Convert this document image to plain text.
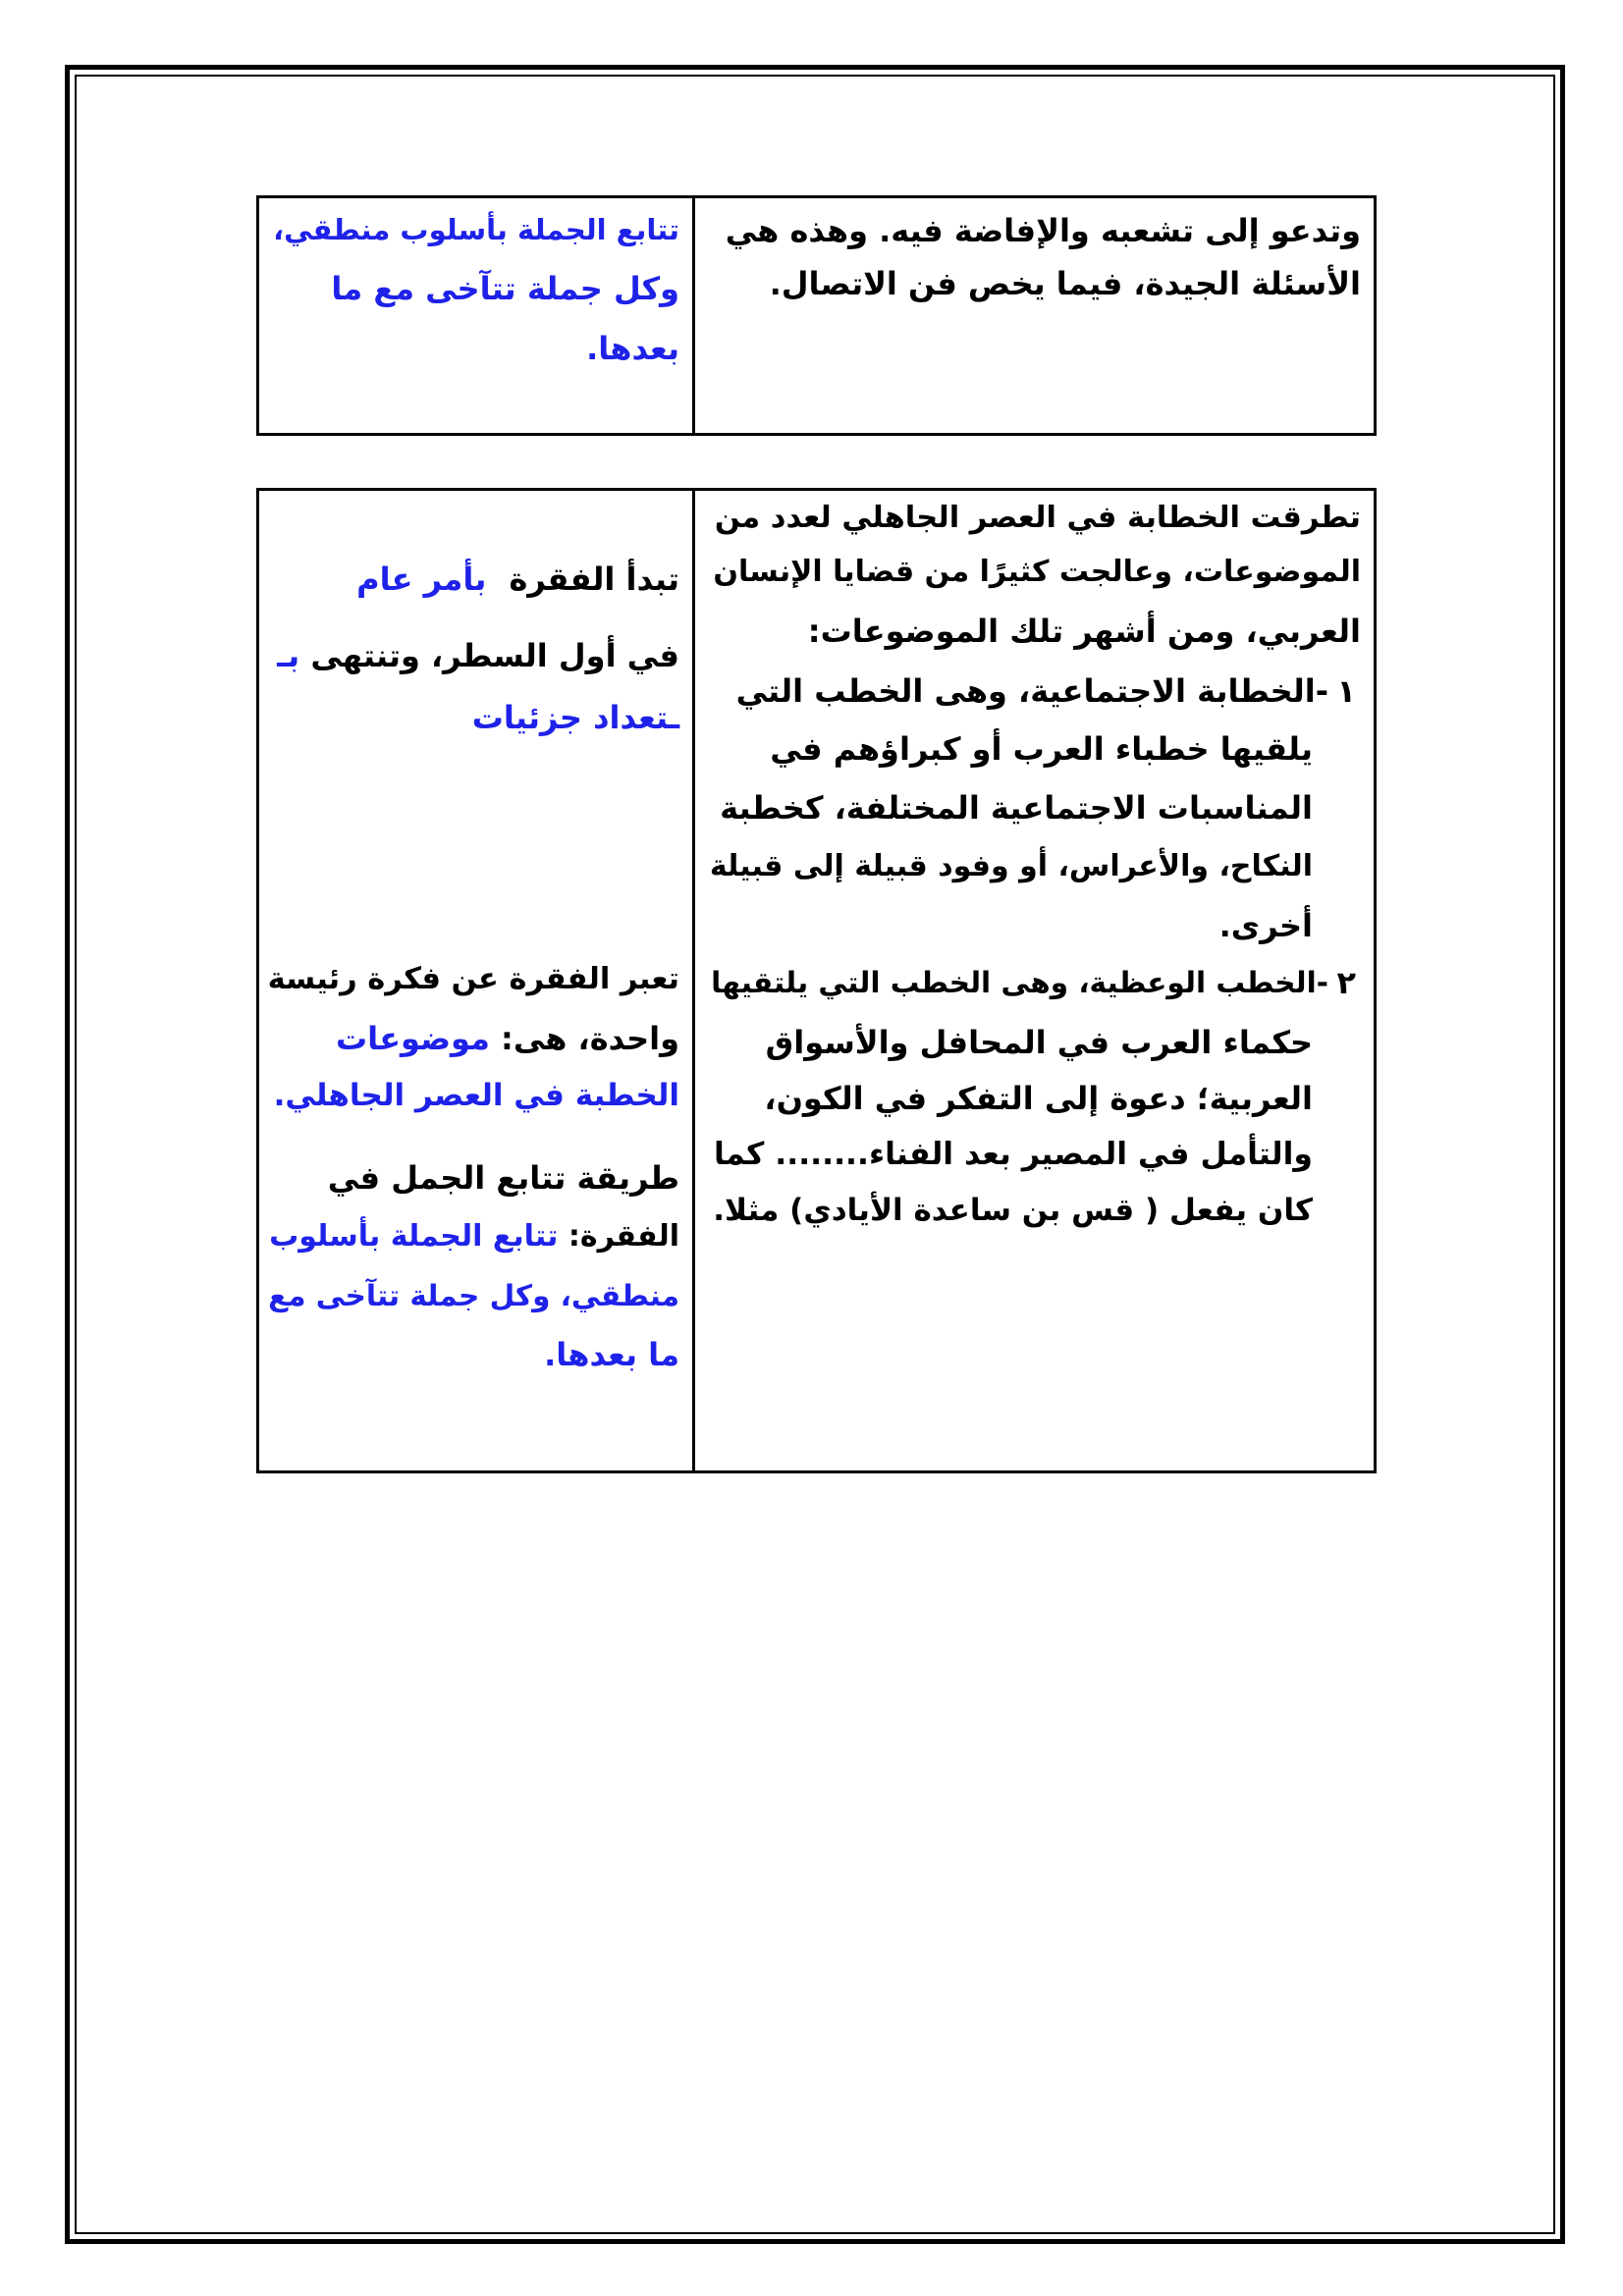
وتدعو إلى تشعبه والإفاضة فيه. وهذه هي
الأسئلة الجيدة، فيما يخص فن الاتصال.
تتابع الجملة بأسلوب منطقي،
وكل جملة تتآخى مع ما
بعدها.
تطرقت الخطابة في العصر الجاهلي لعدد من
الموضوعات، وعالجت كثيرًا من قضايا الإنسان
العربي، ومن أشهر تلك الموضوعات:
١
-الخطابة الاجتماعية، وهى الخطب التي
يلقيها خطباء العرب أو كبراؤهم في
المناسبات الاجتماعية المختلفة، كخطبة
النكاح، والأعراس، أو وفود قبيلة إلى قبيلة
أخرى.
٢
-الخطب الوعظية، وهى الخطب التي يلتقيها
حكماء العرب في المحافل والأسواق
العربية؛ دعوة إلى التفكر في الكون،
والتأمل في المصير بعد الفناء........ كما
كان يفعل ( قس بن ساعدة الأيادي) مثلا.
تبدأ الفقرة بأمر عام
في أول السطر، وتنتهى بـ
ـتعداد جزئيات
تعبر الفقرة عن فكرة رئيسة
واحدة، هى: موضوعات
الخطبة في العصر الجاهلي.
طريقة تتابع الجمل في
الفقرة: تتابع الجملة بأسلوب
منطقي، وكل جملة تتآخى مع
ما بعدها.
